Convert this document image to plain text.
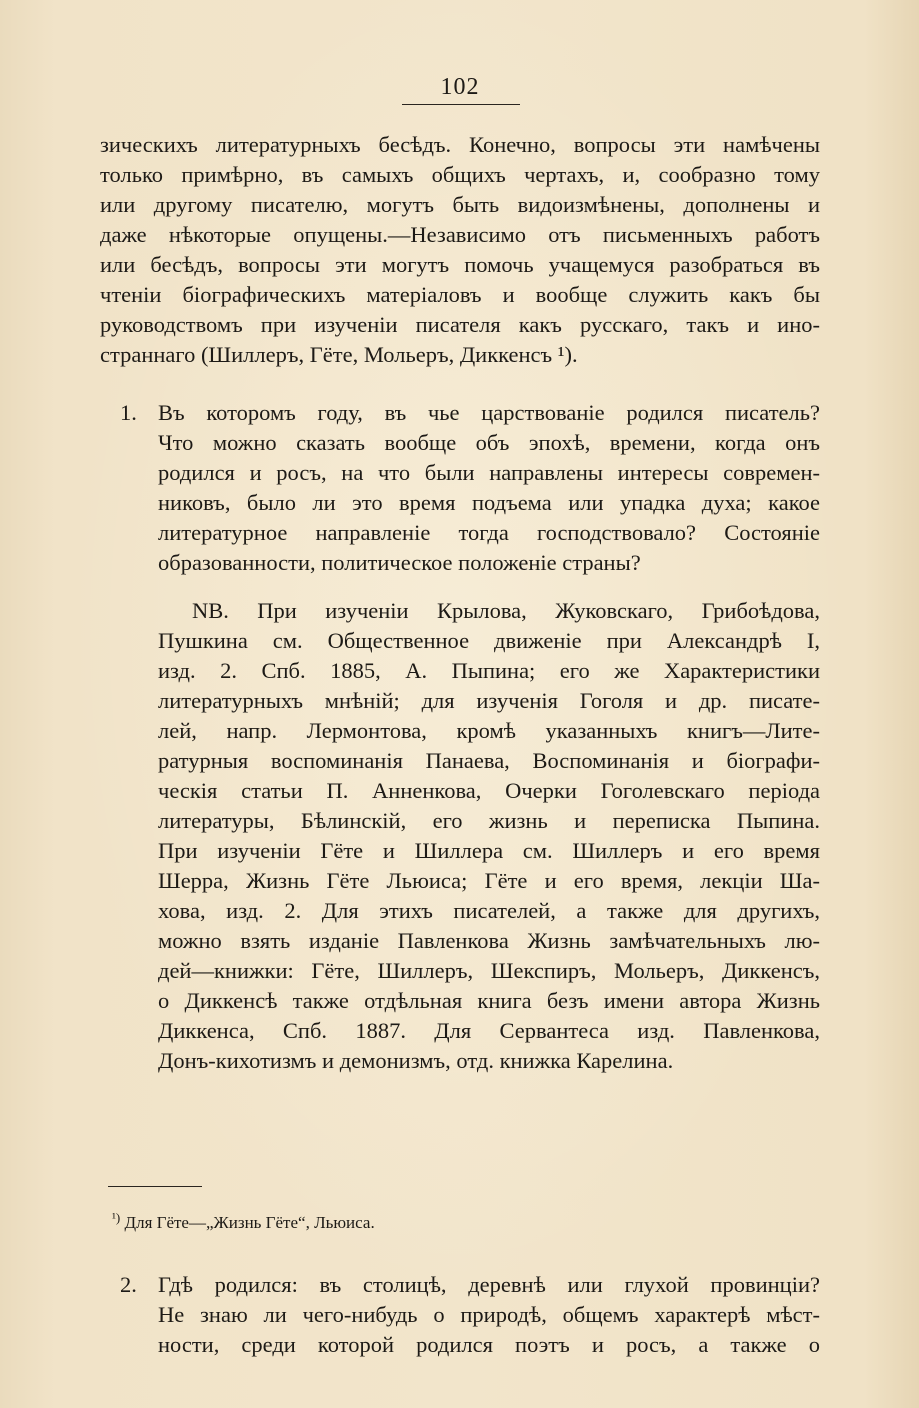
102
зическихъ литературныхъ бесѣдъ. Конечно, вопросы эти намѣчены
только примѣрно, въ самыхъ общихъ чертахъ, и, сообразно тому
или другому писателю, могутъ быть видоизмѣнены, дополнены и
даже нѣкоторые опущены.—Независимо отъ письменныхъ работъ
или бесѣдъ, вопросы эти могутъ помочь учащемуся разобраться въ
чтеніи біографическихъ матеріаловъ и вообще служить какъ бы
руководствомъ при изученіи писателя какъ русскаго, такъ и ино-
страннаго (Шиллеръ, Гёте, Мольеръ, Диккенсъ ¹).
1. Въ которомъ году, въ чье царствованіе родился писатель?
Что можно сказать вообще объ эпохѣ, времени, когда онъ
родился и росъ, на что были направлены интересы современ-
никовъ, было ли это время подъема или упадка духа; какое
литературное направленіе тогда господствовало? Состояніе
образованности, политическое положеніе страны?
NB. При изученіи Крылова, Жуковскаго, Грибоѣдова,
Пушкина см. Общественное движеніе при Александрѣ I,
изд. 2. Спб. 1885, А. Пыпина; его же Характеристики
литературныхъ мнѣній; для изученія Гоголя и др. писате-
лей, напр. Лермонтова, кромѣ указанныхъ книгъ—Лите-
ратурныя воспоминанія Панаева, Воспоминанія и біографи-
ческія статьи П. Анненкова, Очерки Гоголевскаго періода
литературы, Бѣлинскій, его жизнь и переписка Пыпина.
При изученіи Гёте и Шиллера см. Шиллеръ и его время
Шерра, Жизнь Гёте Льюиса; Гёте и его время, лекціи Ша-
хова, изд. 2. Для этихъ писателей, а также для другихъ,
можно взять изданіе Павленкова Жизнь замѣчательныхъ лю-
дей—книжки: Гёте, Шиллеръ, Шекспиръ, Мольеръ, Диккенсъ,
о Диккенсѣ также отдѣльная книга безъ имени автора Жизнь
Диккенса, Спб. 1887. Для Сервантеса изд. Павленкова,
Донъ-кихотизмъ и демонизмъ, отд. книжка Карелина.
2. Гдѣ родился: въ столицѣ, деревнѣ или глухой провинціи?
Не знаю ли чего-нибудь о природѣ, общемъ характерѣ мѣст-
ности, среди которой родился поэтъ и росъ, а также о
$^{^1)}$ Для Гёте—„Жизнь Гёте“, Льюиса.
